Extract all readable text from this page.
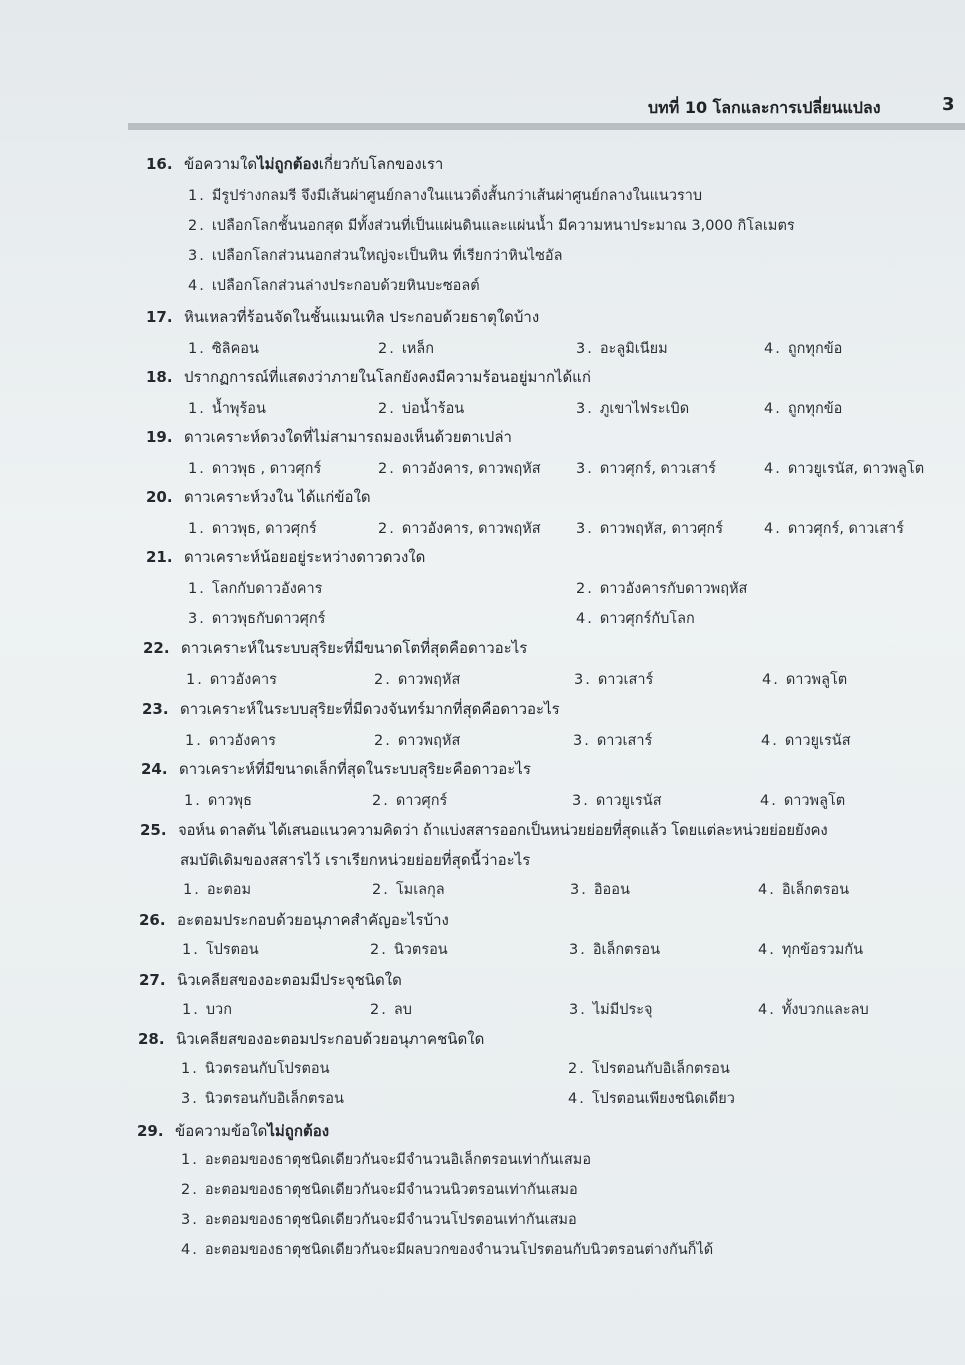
บทที่ 10 โลกและการเปลี่ยนแปลง	3
16. ข้อความใดไม่ถูกต้องเกี่ยวกับโลกของเรา
1. มีรูปร่างกลมรี จึงมีเส้นผ่าศูนย์กลางในแนวดิ่งสั้นกว่าเส้นผ่าศูนย์กลางในแนวราบ
2. เปลือกโลกชั้นนอกสุด มีทั้งส่วนที่เป็นแผ่นดินและแผ่นน้ำ มีความหนาประมาณ 3,000 กิโลเมตร
3. เปลือกโลกส่วนนอกส่วนใหญ่จะเป็นหิน ที่เรียกว่าหินไซอัล
4. เปลือกโลกส่วนล่างประกอบด้วยหินบะซอลต์
17. หินเหลวที่ร้อนจัดในชั้นแมนเทิล ประกอบด้วยธาตุใดบ้าง
1. ซิลิคอน	2. เหล็ก	3. อะลูมิเนียม	4. ถูกทุกข้อ
18. ปรากฏการณ์ที่แสดงว่าภายในโลกยังคงมีความร้อนอยู่มากได้แก่
1. น้ำพุร้อน	2. บ่อน้ำร้อน	3. ภูเขาไฟระเบิด	4. ถูกทุกข้อ
19. ดาวเคราะห์ดวงใดที่ไม่สามารถมองเห็นด้วยตาเปล่า
1. ดาวพุธ , ดาวศุกร์	2. ดาวอังคาร, ดาวพฤหัส 3. ดาวศุกร์, ดาวเสาร์	4. ดาวยูเรนัส, ดาวพลูโต
20. ดาวเคราะห์วงใน ได้แก่ข้อใด
1. ดาวพุธ, ดาวศุกร์	2. ดาวอังคาร, ดาวพฤหัส 3. ดาวพฤหัส, ดาวศุกร์	4. ดาวศุกร์, ดาวเสาร์
21. ดาวเคราะห์น้อยอยู่ระหว่างดาวดวงใด
1. โลกกับดาวอังคาร	2. ดาวอังคารกับดาวพฤหัส
3. ดาวพุธกับดาวศุกร์	4. ดาวศุกร์กับโลก
22. ดาวเคราะห์ในระบบสุริยะที่มีขนาดโตที่สุดคือดาวอะไร
1. ดาวอังคาร	2. ดาวพฤหัส	3. ดาวเสาร์	4. ดาวพลูโต
23. ดาวเคราะห์ในระบบสุริยะที่มีดวงจันทร์มากที่สุดคือดาวอะไร
1. ดาวอังคาร	2. ดาวพฤหัส	3. ดาวเสาร์	4. ดาวยูเรนัส
24. ดาวเคราะห์ที่มีขนาดเล็กที่สุดในระบบสุริยะคือดาวอะไร
1. ดาวพุธ	2. ดาวศุกร์	3. ดาวยูเรนัส	4. ดาวพลูโต
25. จอห์น ดาลตัน ได้เสนอแนวความคิดว่า ถ้าแบ่งสสารออกเป็นหน่วยย่อยที่สุดแล้ว โดยแต่ละหน่วยย่อยยังคง
สมบัติเดิมของสสารไว้ เราเรียกหน่วยย่อยที่สุดนี้ว่าอะไร
1. อะตอม	2. โมเลกุล	3. อิออน	4. อิเล็กตรอน
26. อะตอมประกอบด้วยอนุภาคสำคัญอะไรบ้าง
1. โปรตอน	2. นิวตรอน	3. อิเล็กตรอน	4. ทุกข้อรวมกัน
27. นิวเคลียสของอะตอมมีประจุชนิดใด
1. บวก	2. ลบ	3. ไม่มีประจุ	4. ทั้งบวกและลบ
28. นิวเคลียสของอะตอมประกอบด้วยอนุภาคชนิดใด
1. นิวตรอนกับโปรตอน	2. โปรตอนกับอิเล็กตรอน
3. นิวตรอนกับอิเล็กตรอน	4. โปรตอนเพียงชนิดเดียว
29. ข้อความข้อใดไม่ถูกต้อง
1. อะตอมของธาตุชนิดเดียวกันจะมีจำนวนอิเล็กตรอนเท่ากันเสมอ
2. อะตอมของธาตุชนิดเดียวกันจะมีจำนวนนิวตรอนเท่ากันเสมอ
3. อะตอมของธาตุชนิดเดียวกันจะมีจำนวนโปรตอนเท่ากันเสมอ
4. อะตอมของธาตุชนิดเดียวกันจะมีผลบวกของจำนวนโปรตอนกับนิวตรอนต่างกันก็ได้
